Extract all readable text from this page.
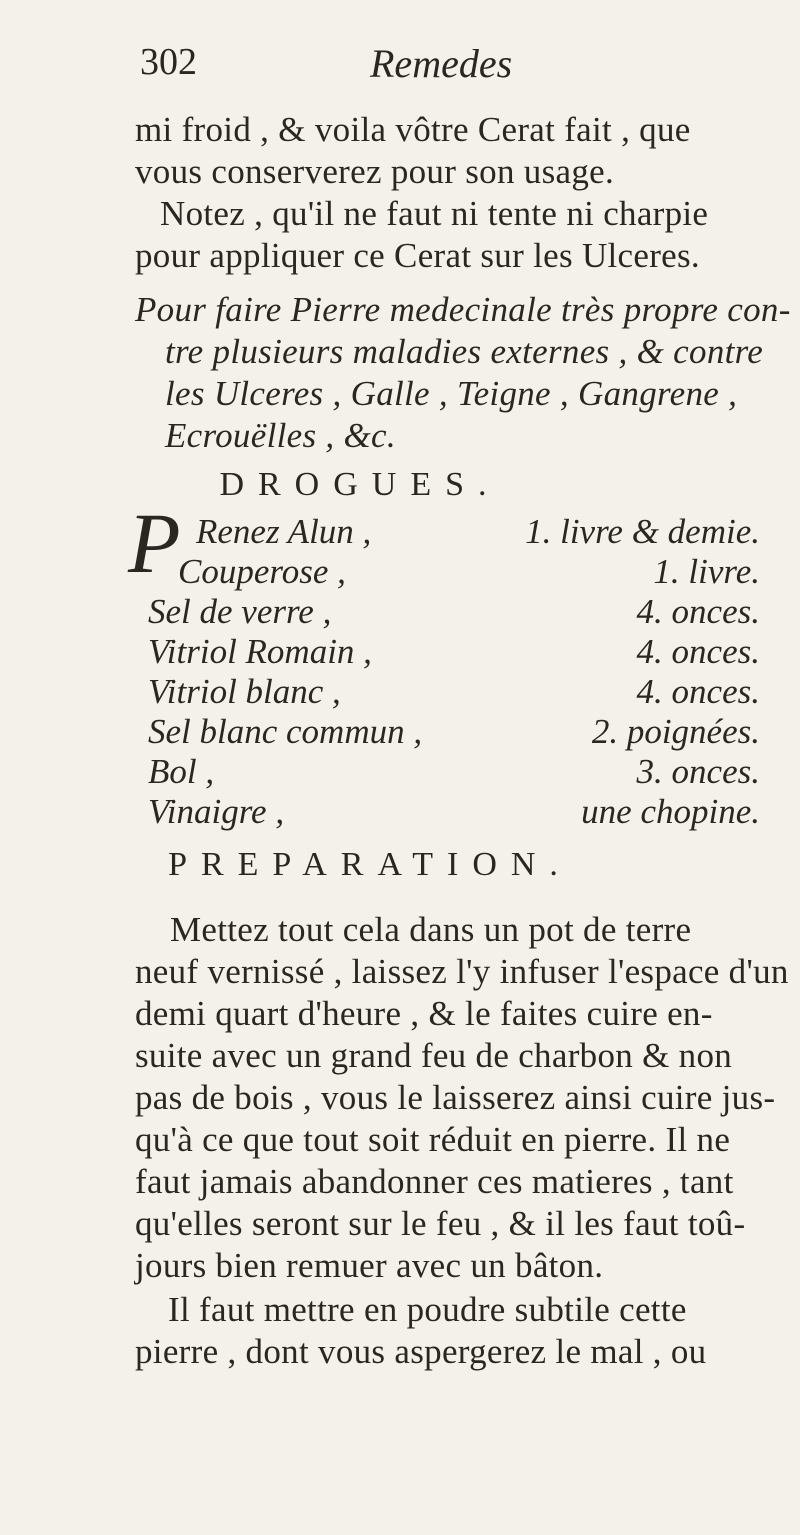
302	Remedes
mi froid , & voila vôtre Cerat fait , que
vous conserverez pour son usage.
Notez , qu'il ne faut ni tente ni charpie
pour appliquer ce Cerat sur les Ulceres.
Pour faire Pierre medecinale très propre con-
tre plusieurs maladies externes , & contre
les Ulceres , Galle , Teigne , Gangrene ,
Ecrouëlles , &c.
DROGUES.
P Renez Alun ,
Couperose ,
Sel de verre ,
Vitriol Romain ,
Vitriol blanc ,
Sel blanc commun ,
Bol ,
Vinaigre ,
1. livre & demie.
1. livre.
4. onces.
4. onces.
4. onces.
2. poignées.
3. onces.
une chopine.
PREPARATION.
Mettez tout cela dans un pot de terre
neuf vernissé , laissez l'y infuser l'espace d'un
demi quart d'heure , & le faites cuire en-
suite avec un grand feu de charbon & non
pas de bois , vous le laisserez ainsi cuire jus-
qu'à ce que tout soit réduit en pierre. Il ne
faut jamais abandonner ces matieres , tant
qu'elles seront sur le feu , & il les faut toû-
jours bien remuer avec un bâton.
Il faut mettre en poudre subtile cette
pierre , dont vous aspergerez le mal , ou
